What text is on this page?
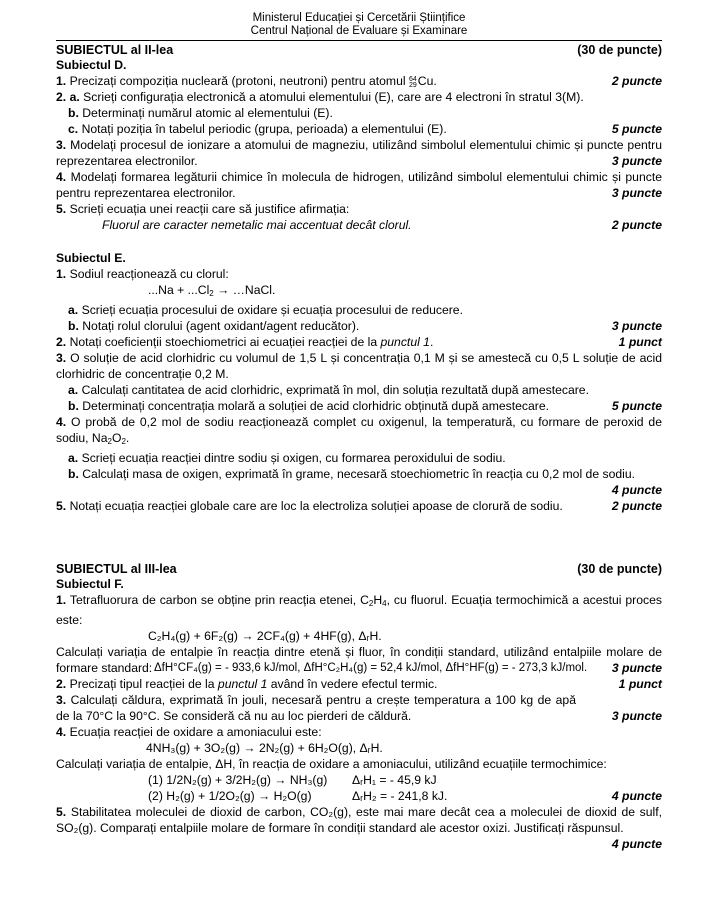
Ministerul Educației și Cercetării Științifice
Centrul Național de Evaluare și Examinare
SUBIECTUL al II-lea	(30 de puncte)
Subiectul D.
1. Precizați compoziția nucleară (protoni, neutroni) pentru atomul 64
29Cu.	2 puncte
2. a. Scrieți configurația electronică a atomului elementului (E), care are 4 electroni în stratul 3(M).
b. Determinați numărul atomic al elementului (E).
c. Notați poziția în tabelul periodic (grupa, perioada) a elementului (E).	5 puncte
3. Modelați procesul de ionizare a atomului de magneziu, utilizând simbolul elementului chimic și puncte pentru reprezentarea electronilor.	3 puncte
4. Modelați formarea legăturii chimice în molecula de hidrogen, utilizând simbolul elementului chimic și puncte pentru reprezentarea electronilor.	3 puncte
5. Scrieți ecuația unei reacții care să justifice afirmația:
Fluorul are caracter nemetalic mai accentuat decât clorul.	2 puncte
Subiectul E.
1. Sodiul reacționează cu clorul:
...Na + ...Cl2 → …NaCl.
a. Scrieți ecuația procesului de oxidare și ecuația procesului de reducere.
b. Notați rolul clorului (agent oxidant/agent reducător).	3 puncte
2. Notați coeficienții stoechiometrici ai ecuației reacției de la punctul 1.	1 punct
3. O soluție de acid clorhidric cu volumul de 1,5 L și concentrația 0,1 M și se amestecă cu 0,5 L soluție de acid clorhidric de concentrație 0,2 M.
a. Calculați cantitatea de acid clorhidric, exprimată în mol, din soluția rezultată după amestecare.
b. Determinați concentrația molară a soluției de acid clorhidric obținută după amestecare.	5 puncte
4. O probă de 0,2 mol de sodiu reacționează complet cu oxigenul, la temperatură, cu formare de peroxid de sodiu, Na2O2.
a. Scrieți ecuația reacției dintre sodiu și oxigen, cu formarea peroxidului de sodiu.
b. Calculați masa de oxigen, exprimată în grame, necesară stoechiometric în reacția cu 0,2 mol de sodiu.
4 puncte
5. Notați ecuația reacției globale care are loc la electroliza soluției apoase de clorură de sodiu.	2 puncte
SUBIECTUL al III-lea	(30 de puncte)
Subiectul F.
1. Tetrafluorura de carbon se obține prin reacția etenei, C2H4, cu fluorul. Ecuația termochimică a acestui proces este:
C₂H₄(g) + 6F₂(g) → 2CF₄(g) + 4HF(g), ΔᵣH.
Calculați variația de entalpie în reacția dintre etenă și fluor, în condiții standard, utilizând entalpiile molare de formare standard: ΔfH°CF₄(g) = - 933,6 kJ/mol, ΔfH°C₂H₄(g) = 52,4 kJ/mol, ΔfH°HF(g) = - 273,3 kJ/mol.	3 puncte
2. Precizați tipul reacției de la punctul 1 având în vedere efectul termic.	1 punct
3. Calculați căldura, exprimată în jouli, necesară pentru a crește temperatura a 100 kg de apă de la 70°C la 90°C. Se consideră că nu au loc pierderi de căldură.	3 puncte
4. Ecuația reacției de oxidare a amoniacului este:
4NH₃(g) + 3O₂(g) → 2N₂(g) + 6H₂O(g), ΔᵣH.
Calculați variația de entalpie, ΔH, în reacția de oxidare a amoniacului, utilizând ecuațiile termochimice:
(1) 1/2N₂(g) + 3/2H₂(g) → NH₃(g)	ΔᵣH₁ = - 45,9 kJ
(2) H₂(g) + 1/2O₂(g) → H₂O(g)	ΔᵣH₂ = - 241,8 kJ.	4 puncte
5. Stabilitatea moleculei de dioxid de carbon, CO₂(g), este mai mare decât cea a moleculei de dioxid de sulf, SO₂(g). Comparați entalpiile molare de formare în condiții standard ale acestor oxizi. Justificați răspunsul.
4 puncte
